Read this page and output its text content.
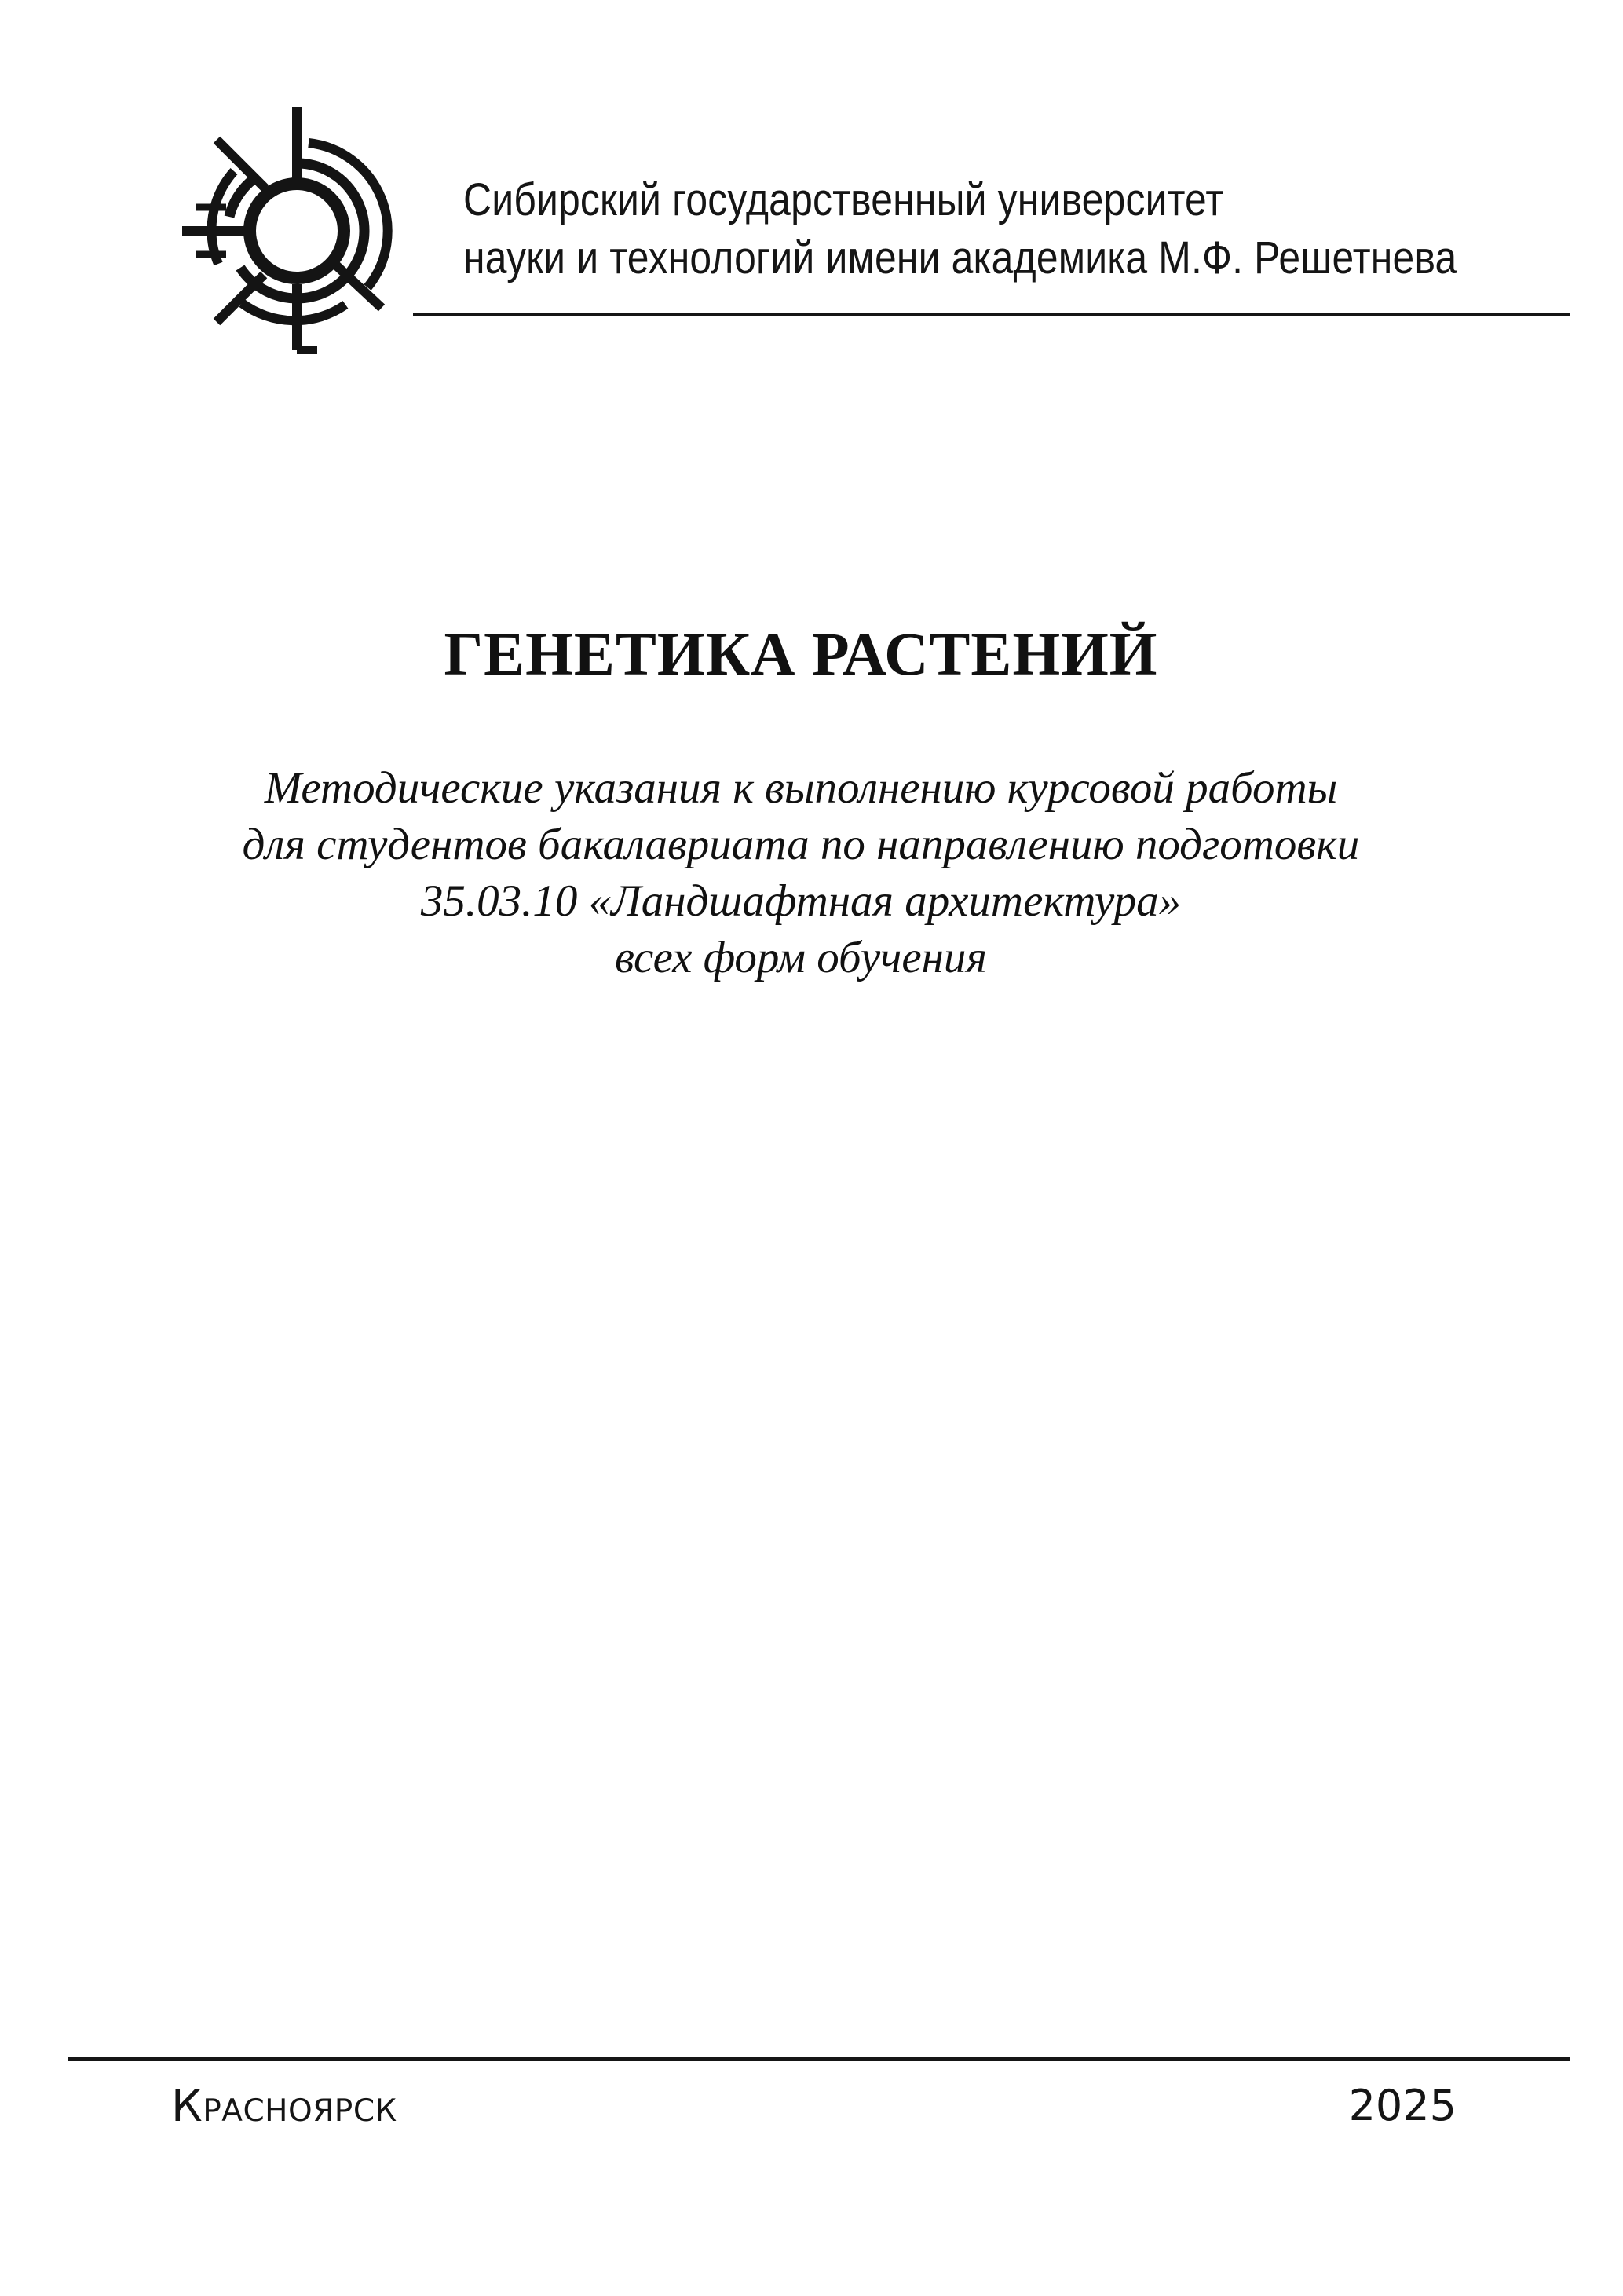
Сибирский государственный университет
науки и технологий имени академика М.Ф. Решетнева
ГЕНЕТИКА РАСТЕНИЙ
Методические указания к выполнению курсовой работы
для студентов бакалавриата по направлению подготовки
35.03.10 «Ландшафтная архитектура»
всех форм обучения
Красноярск	2025
